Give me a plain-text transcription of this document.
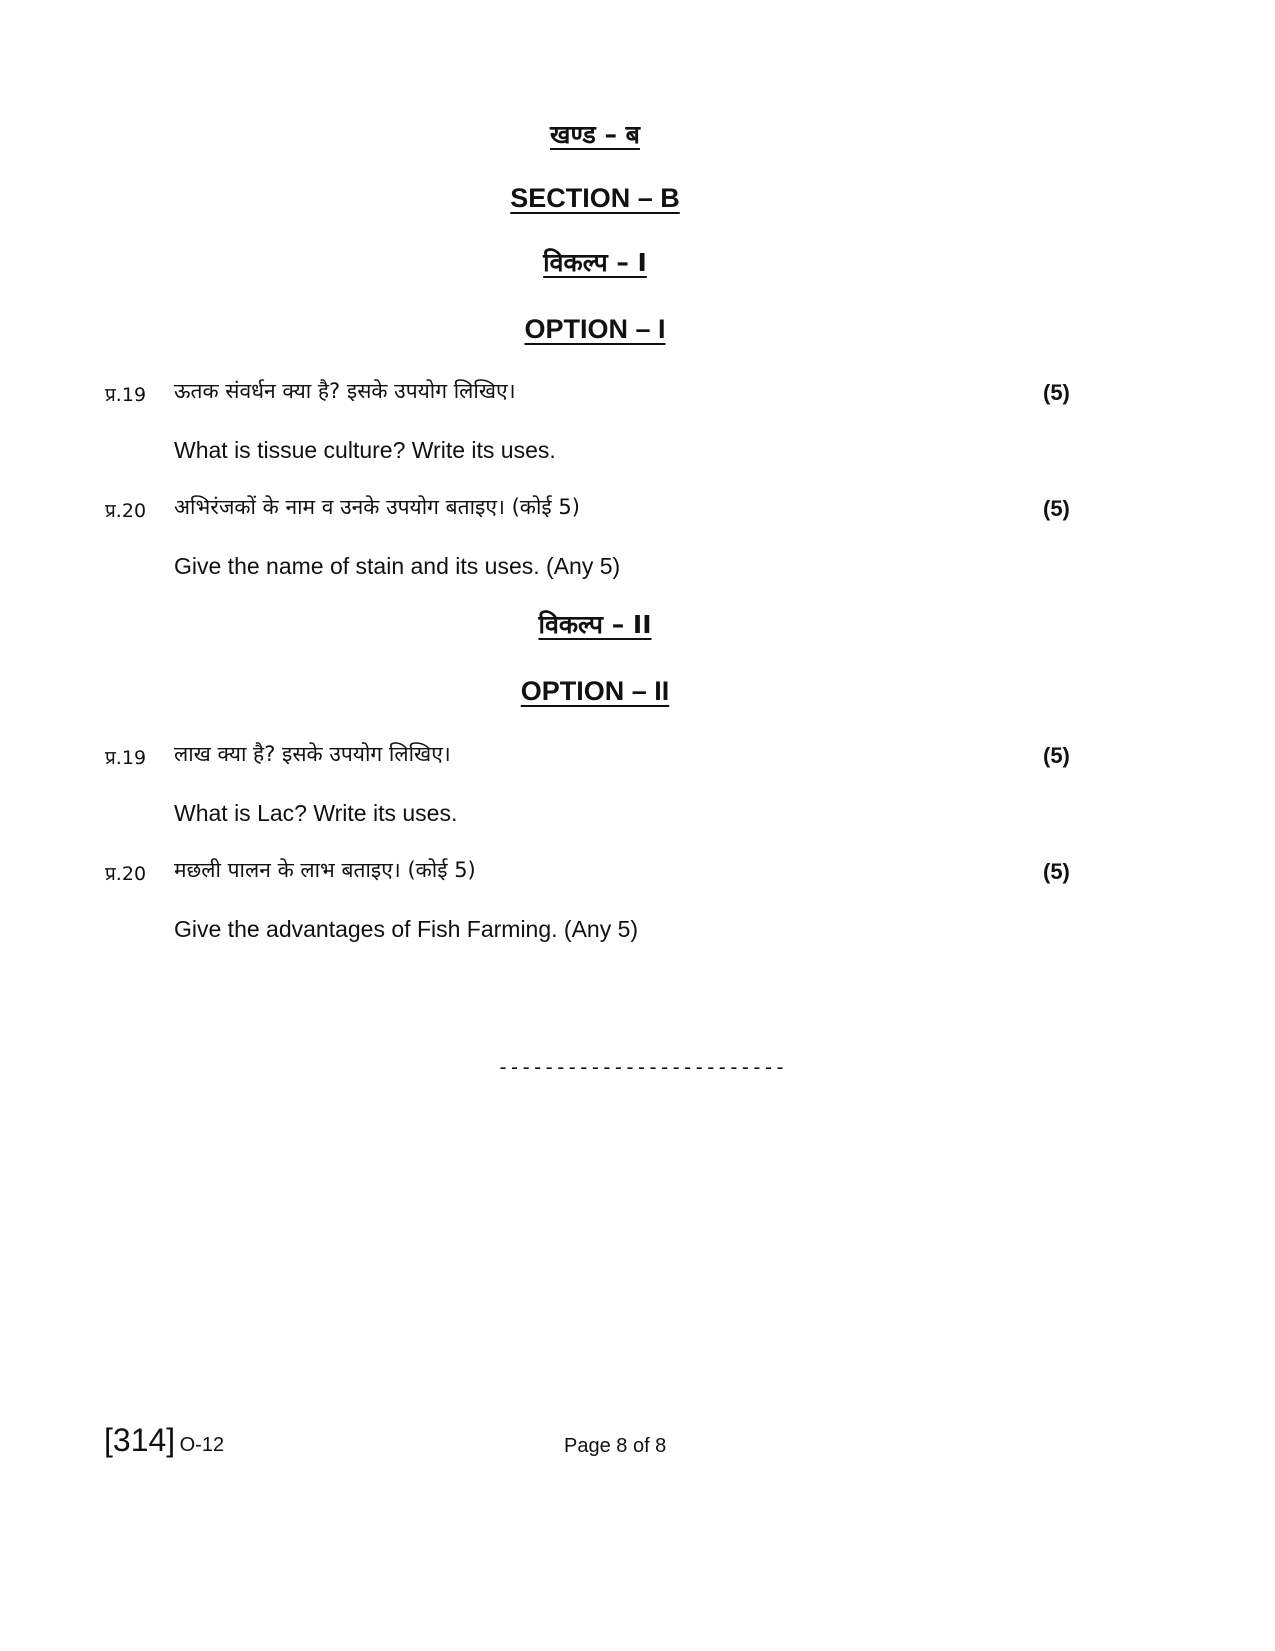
खण्ड – ब
SECTION – B
विकल्प – I
OPTION – I
प्र.19 ऊतक संवर्धन क्या है? इसके उपयोग लिखिए।	(5)
What is tissue culture? Write its uses.
प्र.20 अभिरंजकों के नाम व उनके उपयोग बताइए। (कोई 5)	(5)
Give the name of stain and its uses. (Any 5)
विकल्प – II
OPTION – II
प्र.19 लाख क्या है? इसके उपयोग लिखिए।	(5)
What is Lac? Write its uses.
प्र.20 मछली पालन के लाभ बताइए। (कोई 5)	(5)
Give the advantages of Fish Farming. (Any 5)
-------------------------
[314] O-12	Page 8 of 8
